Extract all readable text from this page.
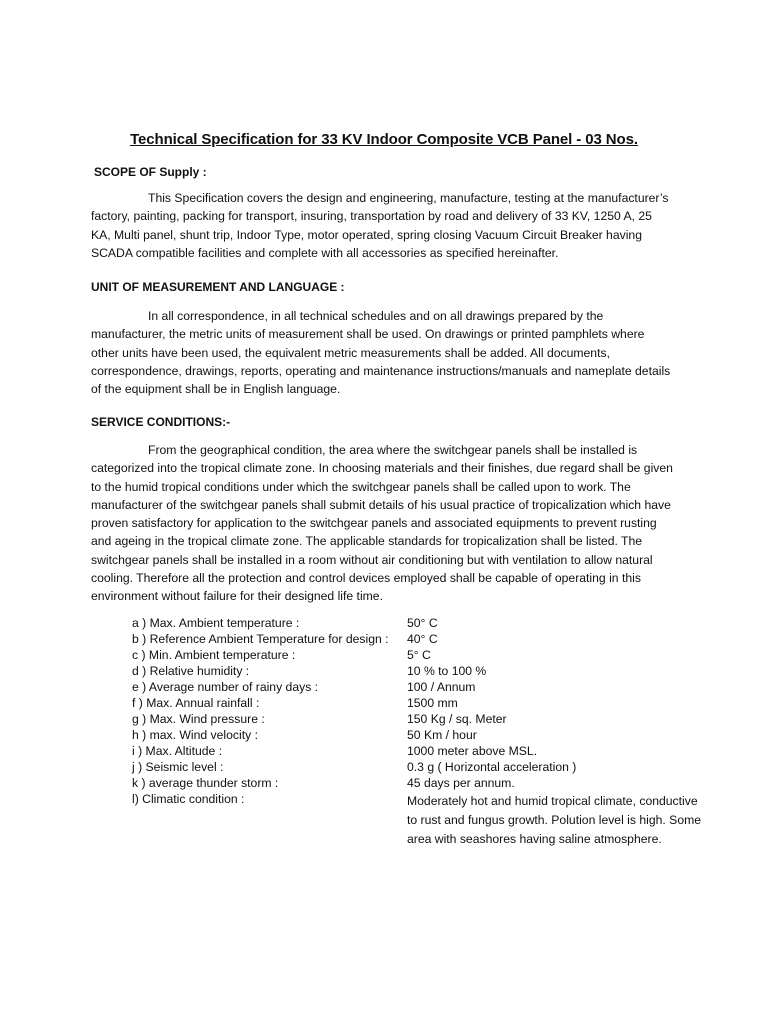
Technical Specification for 33 KV Indoor Composite VCB Panel - 03 Nos.
SCOPE OF Supply :

This Specification covers the design and engineering, manufacture, testing at the manufacturer’s factory, painting, packing for transport, insuring, transportation by road and delivery of 33 KV, 1250 A, 25 KA, Multi panel, shunt trip, Indoor Type, motor operated, spring closing Vacuum Circuit Breaker having SCADA compatible facilities and complete with all accessories as specified hereinafter.

UNIT OF MEASUREMENT AND LANGUAGE :

In all correspondence, in all technical schedules and on all drawings prepared by the manufacturer, the metric units of measurement shall be used. On drawings or printed pamphlets where other units have been used, the equivalent metric measurements shall be added. All documents, correspondence, drawings, reports, operating and maintenance instructions/manuals and nameplate details of the equipment shall be in English language.

SERVICE CONDITIONS:-

From the geographical condition, the area where the switchgear panels shall be installed is categorized into the tropical climate zone. In choosing materials and their finishes, due regard shall be given to the humid tropical conditions under which the switchgear panels shall be called upon to work. The manufacturer of the switchgear panels shall submit details of his usual practice of tropicalization which have proven satisfactory for application to the switchgear panels and associated equipments to prevent rusting and ageing in the tropical climate zone. The applicable standards for tropicalization shall be listed. The switchgear panels shall be installed in a room without air conditioning but with ventilation to allow natural cooling. Therefore all the protection and control devices employed shall be capable of operating in this environment without failure for their designed life time.

a ) Max. Ambient temperature :	50° C
b ) Reference Ambient Temperature for design : 40° C
c ) Min. Ambient temperature :	5° C
d ) Relative humidity :	10 % to 100 %
e ) Average number of rainy days :	100 / Annum
f ) Max. Annual rainfall :	1500 mm
g ) Max. Wind pressure :	150 Kg / sq. Meter
h ) max. Wind velocity :	50 Km / hour
i ) Max. Altitude :	1000 meter above MSL.
j ) Seismic level :	0.3 g ( Horizontal acceleration )
k ) average thunder storm :	45 days per annum.
l) Climatic condition :	Moderately hot and humid tropical climate, conductive to rust and fungus growth. Polution level is high. Some area with seashores having saline atmosphere.
